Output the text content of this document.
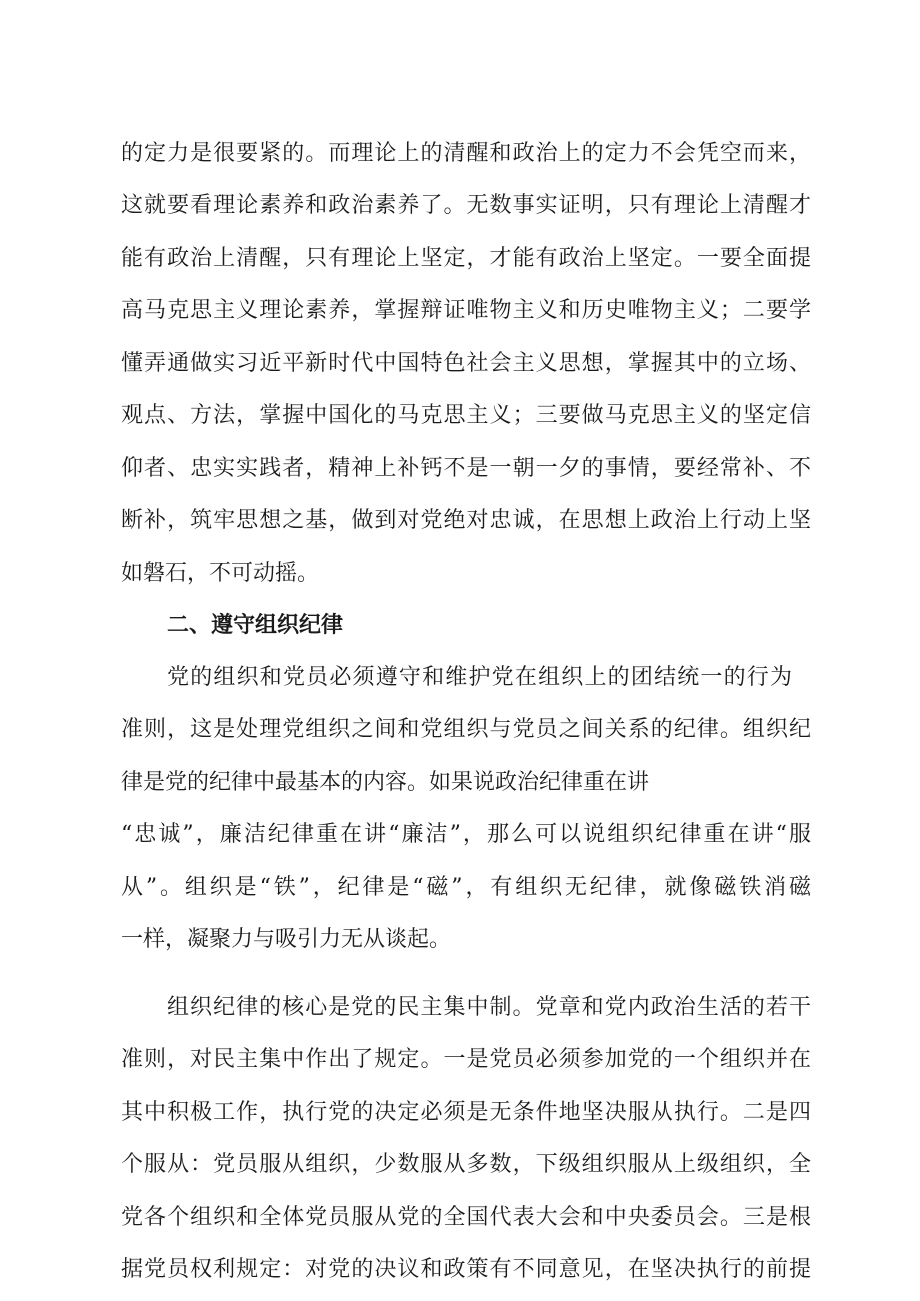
的定力是很要紧的。而理论上的清醒和政治上的定力不会凭空而来，

这就要看理论素养和政治素养了。无数事实证明，只有理论上清醒才

能有政治上清醒，只有理论上坚定，才能有政治上坚定。一要全面提

高马克思主义理论素养，掌握辩证唯物主义和历史唯物主义；二要学

懂弄通做实习近平新时代中国特色社会主义思想，掌握其中的立场、

观点、方法，掌握中国化的马克思主义；三要做马克思主义的坚定信

仰者、忠实实践者，精神上补钙不是一朝一夕的事情，要经常补、不

断补，筑牢思想之基，做到对党绝对忠诚，在思想上政治上行动上坚

如磐石，不可动摇。

二、遵守组织纪律

党的组织和党员必须遵守和维护党在组织上的团结统一的行为

准则，这是处理党组织之间和党组织与党员之间关系的纪律。组织纪

律是党的纪律中最基本的内容。如果说政治纪律重在讲

“忠诚”，廉洁纪律重在讲“廉洁”，那么可以说组织纪律重在讲“服

从”。组织是“铁”，纪律是“磁”，有组织无纪律，就像磁铁消磁

一样，凝聚力与吸引力无从谈起。

组织纪律的核心是党的民主集中制。党章和党内政治生活的若干

准则，对民主集中作出了规定。一是党员必须参加党的一个组织并在

其中积极工作，执行党的决定必须是无条件地坚决服从执行。二是四

个服从：党员服从组织，少数服从多数，下级组织服从上级组织，全

党各个组织和全体党员服从党的全国代表大会和中央委员会。三是根

据党员权利规定：对党的决议和政策有不同意见，在坚决执行的前提
